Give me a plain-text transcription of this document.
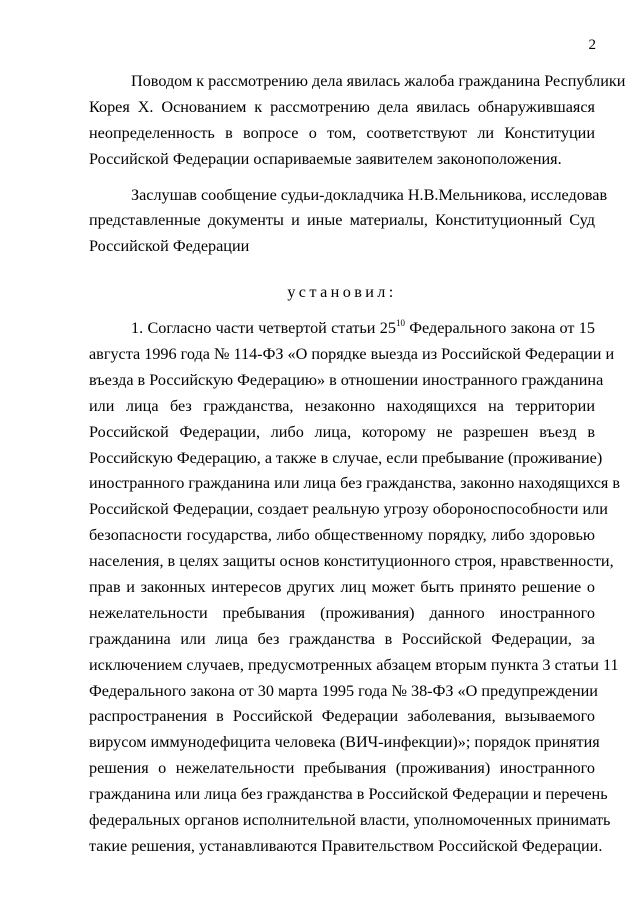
2
Поводом к рассмотрению дела явилась жалоба гражданина Республики
Корея Х. Основанием к рассмотрению дела явилась обнаружившаяся
неопределенность в вопросе о том, соответствуют ли Конституции
Российской Федерации оспариваемые заявителем законоположения.
Заслушав сообщение судьи-докладчика Н.В.Мельникова, исследовав
представленные документы и иные материалы, Конституционный Суд
Российской Федерации
установил:
1. Согласно части четвертой статьи $25^{10}$ Федерального закона от 15
августа 1996 года № 114-ФЗ «О порядке выезда из Российской Федерации и
въезда в Российскую Федерацию» в отношении иностранного гражданина
или лица без гражданства, незаконно находящихся на территории
Российской Федерации, либо лица, которому не разрешен въезд в
Российскую Федерацию, а также в случае, если пребывание (проживание)
иностранного гражданина или лица без гражданства, законно находящихся в
Российской Федерации, создает реальную угрозу обороноспособности или
безопасности государства, либо общественному порядку, либо здоровью
населения, в целях защиты основ конституционного строя, нравственности,
прав и законных интересов других лиц может быть принято решение о
нежелательности пребывания (проживания) данного иностранного
гражданина или лица без гражданства в Российской Федерации, за
исключением случаев, предусмотренных абзацем вторым пункта 3 статьи 11
Федерального закона от 30 марта 1995 года № 38-ФЗ «О предупреждении
распространения в Российской Федерации заболевания, вызываемого
вирусом иммунодефицита человека (ВИЧ-инфекции)»; порядок принятия
решения о нежелательности пребывания (проживания) иностранного
гражданина или лица без гражданства в Российской Федерации и перечень
федеральных органов исполнительной власти, уполномоченных принимать
такие решения, устанавливаются Правительством Российской Федерации.
